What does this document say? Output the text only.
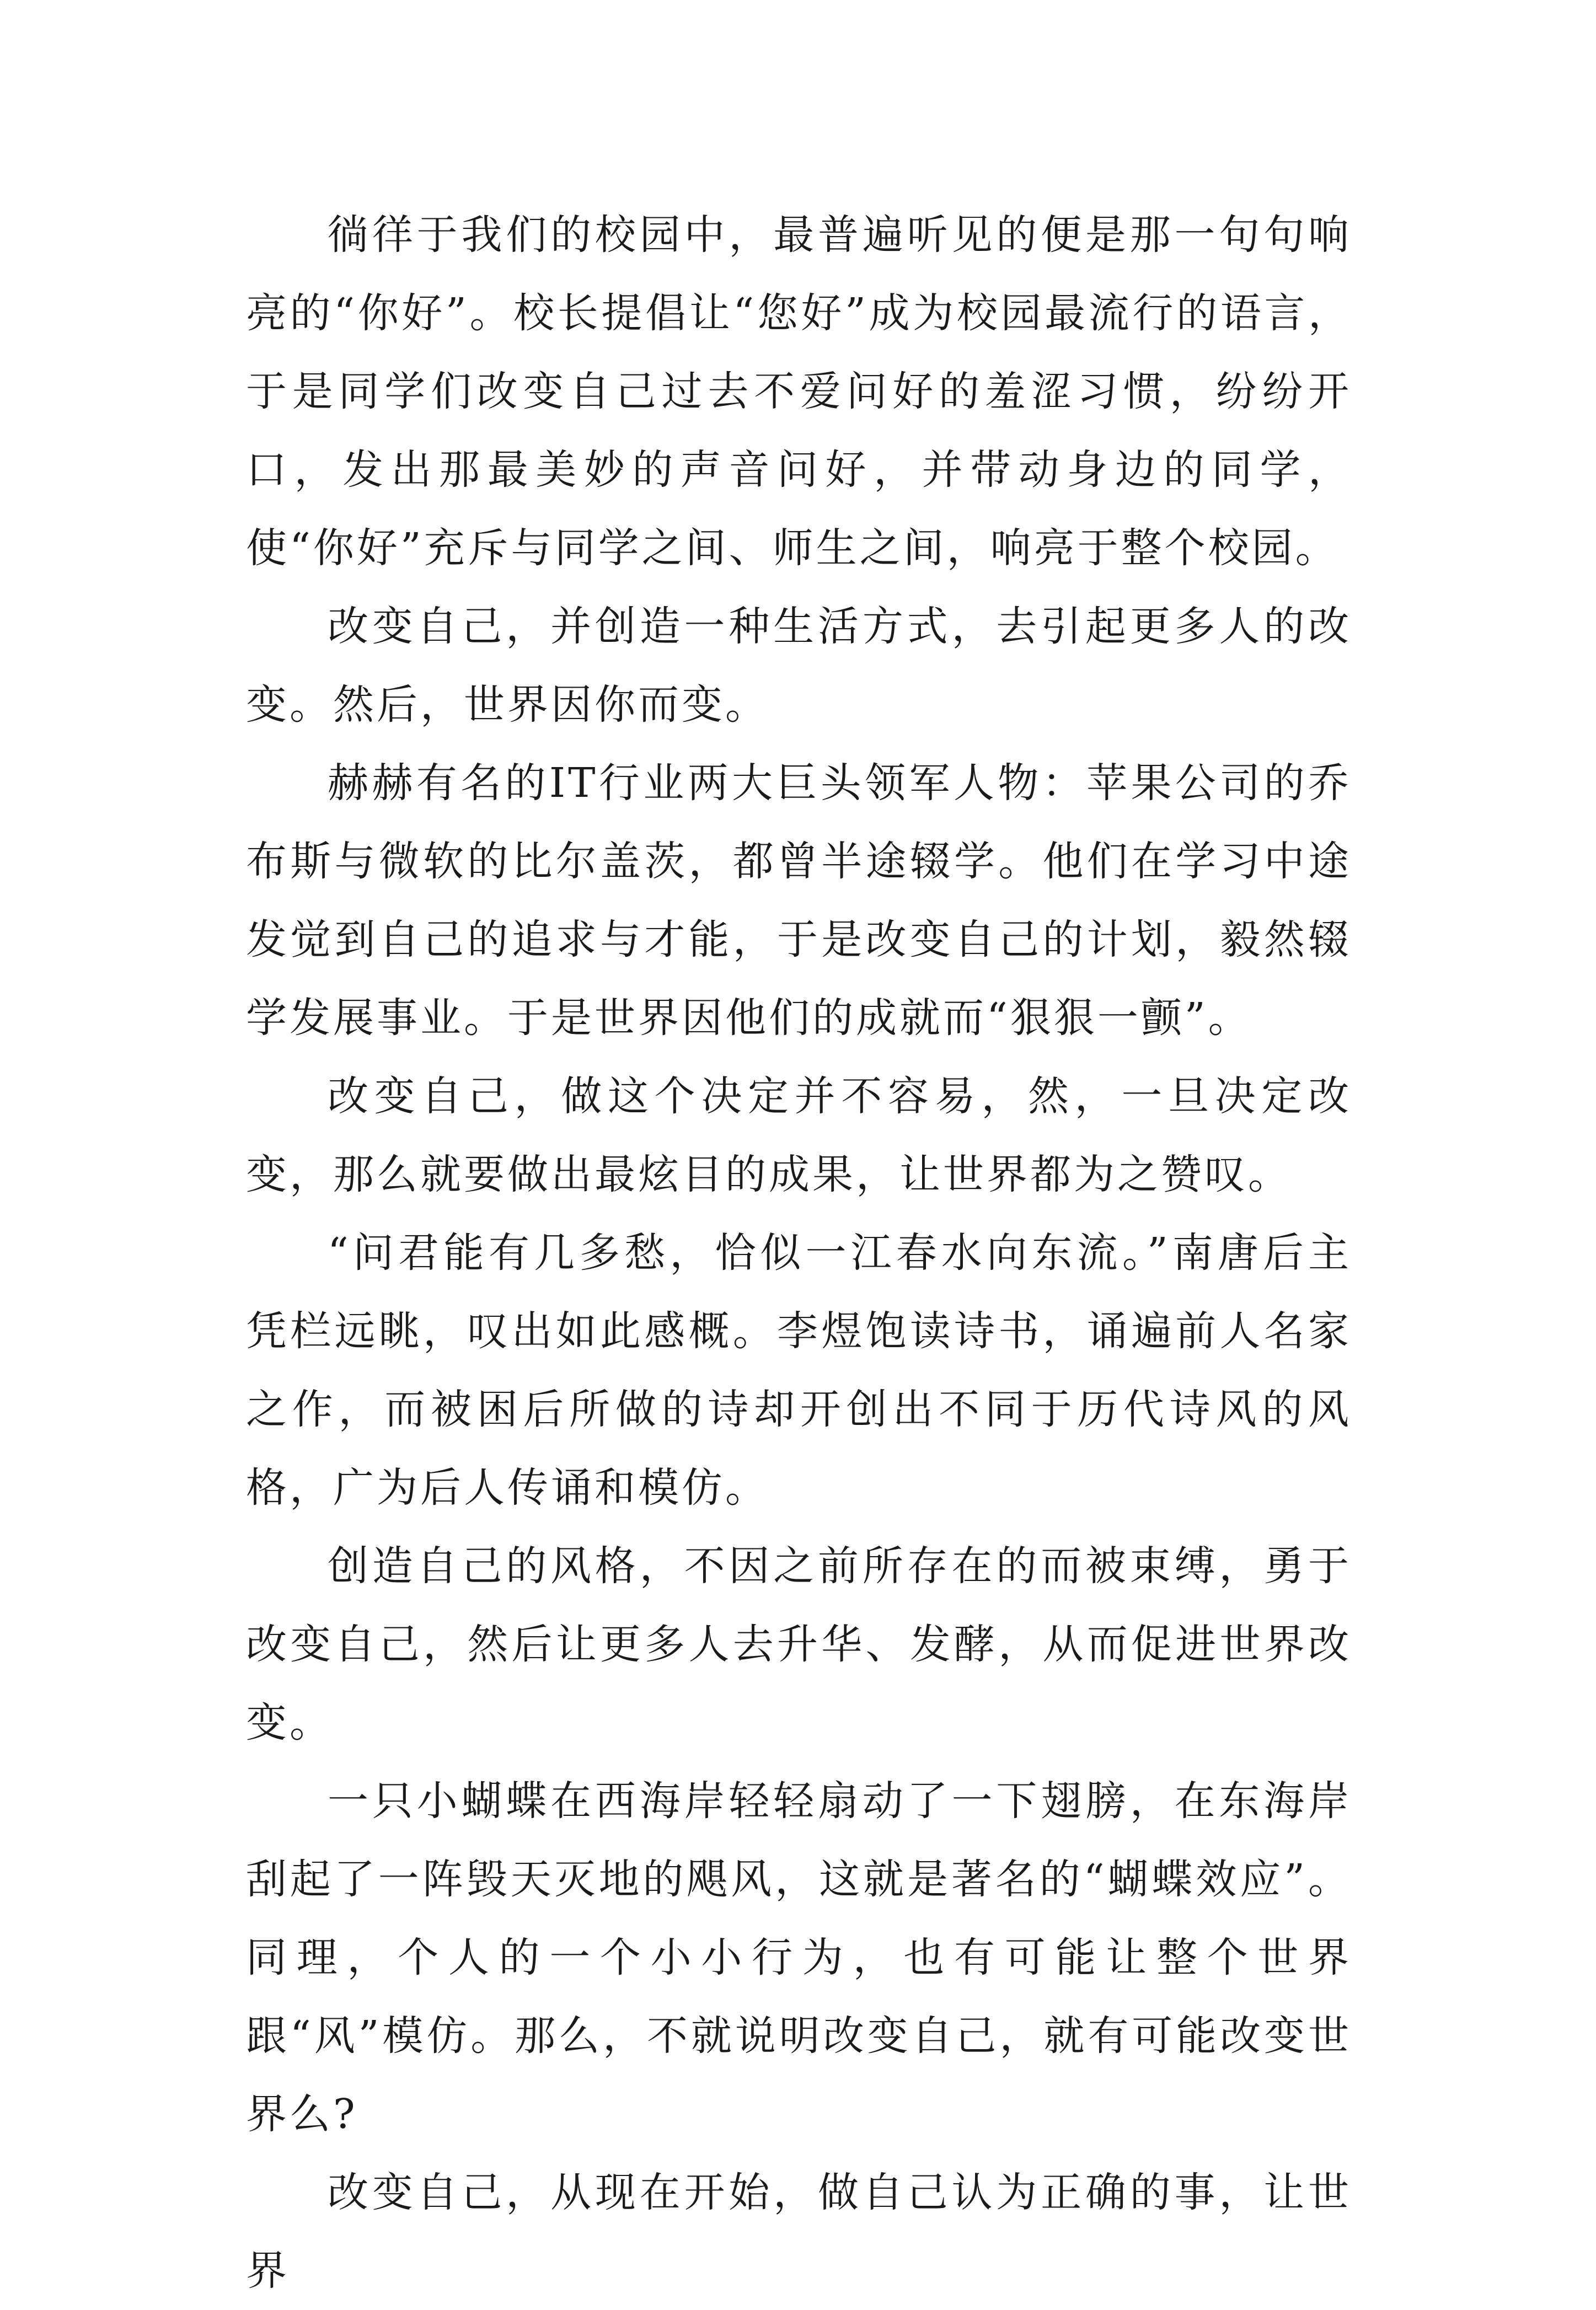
徜徉于我们的校园中，最普遍听见的便是那一句句响亮的“你好”。校长提倡让“您好”成为校园最流行的语言，于是同学们改变自己过去不爱问好的羞涩习惯，纷纷开口，发出那最美妙的声音问好，并带动身边的同学，使“你好”充斥与同学之间、师生之间，响亮于整个校园。

改变自己，并创造一种生活方式，去引起更多人的改变。然后，世界因你而变。

赫赫有名的IT行业两大巨头领军人物：苹果公司的乔布斯与微软的比尔盖茨，都曾半途辍学。他们在学习中途发觉到自己的追求与才能，于是改变自己的计划，毅然辍学发展事业。于是世界因他们的成就而“狠狠一颤”。

改变自己，做这个决定并不容易，然，一旦决定改变，那么就要做出最炫目的成果，让世界都为之赞叹。

“问君能有几多愁，恰似一江春水向东流。”南唐后主凭栏远眺，叹出如此感概。李煜饱读诗书，诵遍前人名家之作，而被困后所做的诗却开创出不同于历代诗风的风格，广为后人传诵和模仿。

创造自己的风格，不因之前所存在的而被束缚，勇于改变自己，然后让更多人去升华、发酵，从而促进世界改变。

一只小蝴蝶在西海岸轻轻扇动了一下翅膀，在东海岸刮起了一阵毁天灭地的飓风，这就是著名的“蝴蝶效应”。同理，个人的一个小小行为，也有可能让整个世界跟“风”模仿。那么，不就说明改变自己，就有可能改变世界么?

改变自己，从现在开始，做自己认为正确的事，让世界
